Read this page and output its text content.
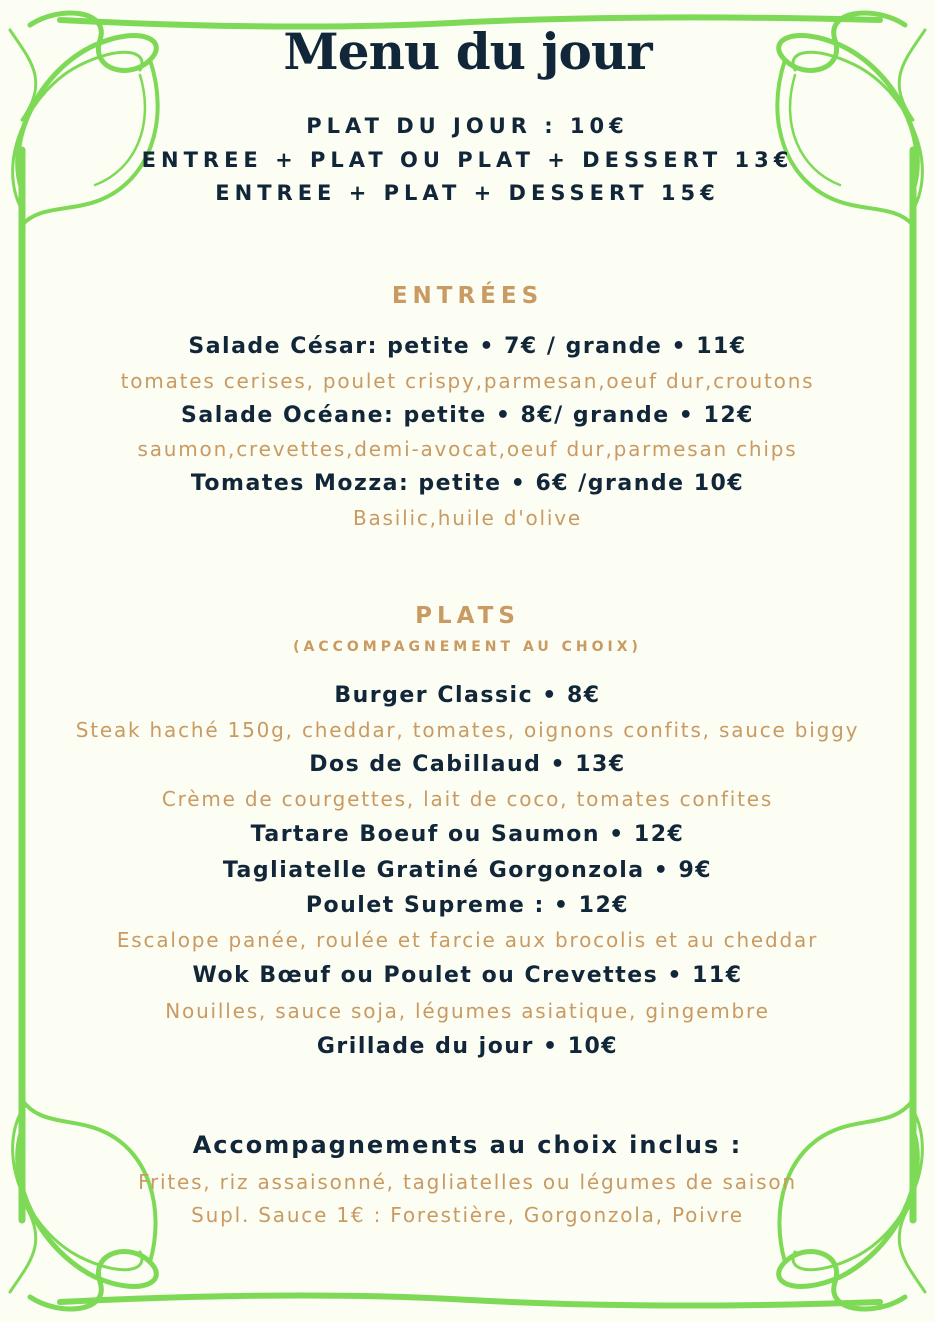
Menu du jour
PLAT DU JOUR : 10€
ENTREE + PLAT OU PLAT + DESSERT 13€
ENTREE + PLAT + DESSERT 15€
ENTRÉES
Salade César: petite • 7€ / grande • 11€
tomates cerises, poulet crispy,parmesan,oeuf dur,croutons
Salade Océane: petite • 8€/ grande • 12€
saumon,crevettes,demi-avocat,oeuf dur,parmesan chips
Tomates Mozza: petite • 6€ /grande 10€
Basilic,huile d'olive
PLATS
(ACCOMPAGNEMENT AU CHOIX)
Burger Classic • 8€
Steak haché 150g, cheddar, tomates, oignons confits, sauce biggy
Dos de Cabillaud • 13€
Crème de courgettes, lait de coco, tomates confites
Tartare Boeuf ou Saumon • 12€
Tagliatelle Gratiné Gorgonzola • 9€
Poulet Supreme : • 12€
Escalope panée, roulée et farcie aux brocolis et au cheddar
Wok Bœuf ou Poulet ou Crevettes • 11€
Nouilles, sauce soja, légumes asiatique, gingembre
Grillade du jour • 10€
Accompagnements au choix inclus :
Frites, riz assaisonné, tagliatelles ou légumes de saison
Supl. Sauce 1€ : Forestière, Gorgonzola, Poivre
